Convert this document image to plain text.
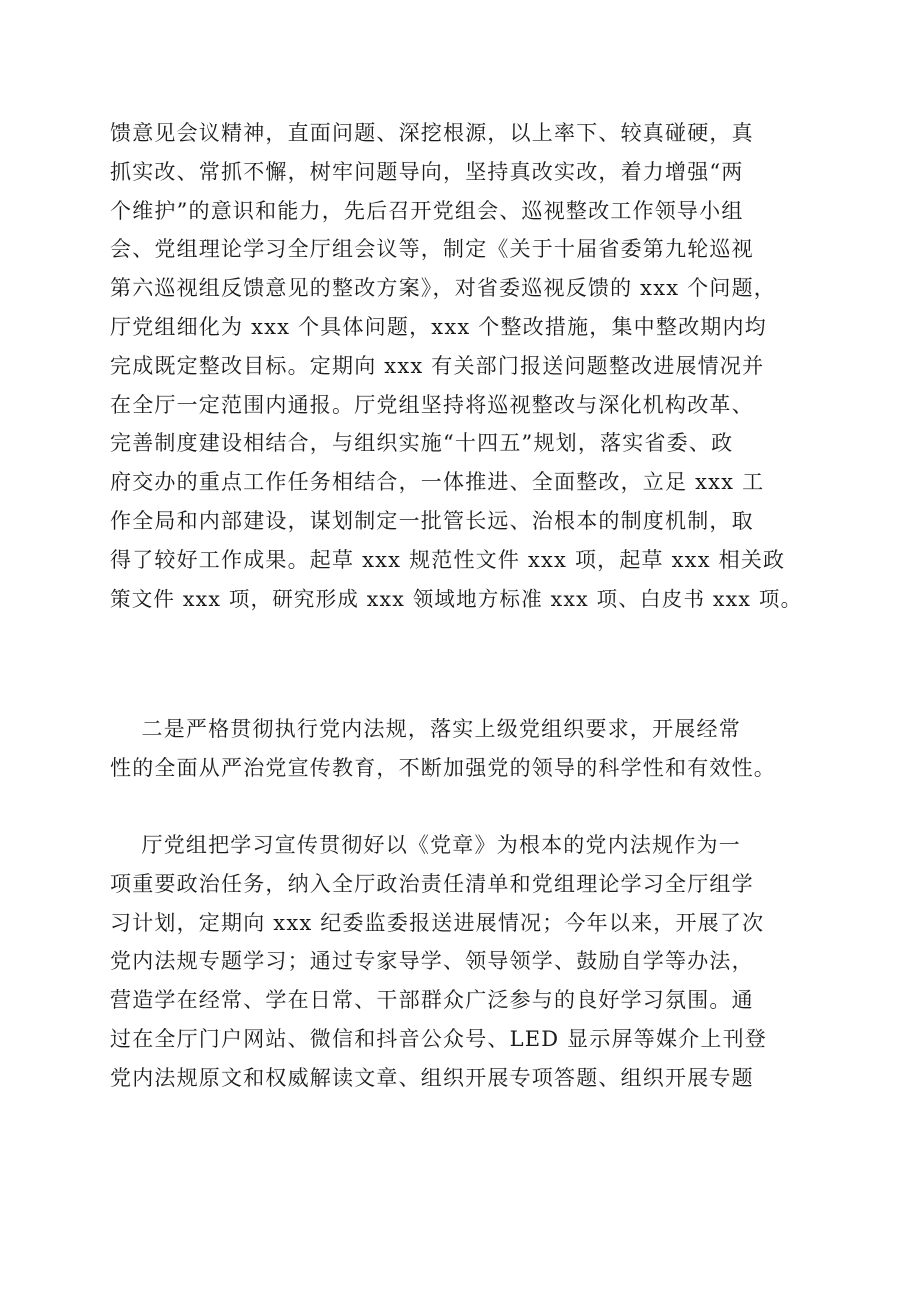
馈意见会议精神，直面问题、深挖根源，以上率下、较真碰硬，真
抓实改、常抓不懈，树牢问题导向，坚持真改实改，着力增强“两
个维护”的意识和能力，先后召开党组会、巡视整改工作领导小组
会、党组理论学习全厅组会议等，制定《关于十届省委第九轮巡视
第六巡视组反馈意见的整改方案》，对省委巡视反馈的 xxx 个问题，
厅党组细化为 xxx 个具体问题，xxx 个整改措施，集中整改期内均
完成既定整改目标。定期向 xxx 有关部门报送问题整改进展情况并
在全厅一定范围内通报。厅党组坚持将巡视整改与深化机构改革、
完善制度建设相结合，与组织实施“十四五”规划，落实省委、政
府交办的重点工作任务相结合，一体推进、全面整改，立足 xxx 工
作全局和内部建设，谋划制定一批管长远、治根本的制度机制，取
得了较好工作成果。起草 xxx 规范性文件 xxx 项，起草 xxx 相关政
策文件 xxx 项，研究形成 xxx 领域地方标准 xxx 项、白皮书 xxx 项。
二是严格贯彻执行党内法规，落实上级党组织要求，开展经常
性的全面从严治党宣传教育，不断加强党的领导的科学性和有效性。
厅党组把学习宣传贯彻好以《党章》为根本的党内法规作为一
项重要政治任务，纳入全厅政治责任清单和党组理论学习全厅组学
习计划，定期向 xxx 纪委监委报送进展情况；今年以来，开展了次
党内法规专题学习；通过专家导学、领导领学、鼓励自学等办法，
营造学在经常、学在日常、干部群众广泛参与的良好学习氛围。通
过在全厅门户网站、微信和抖音公众号、LED 显示屏等媒介上刊登
党内法规原文和权威解读文章、组织开展专项答题、组织开展专题
